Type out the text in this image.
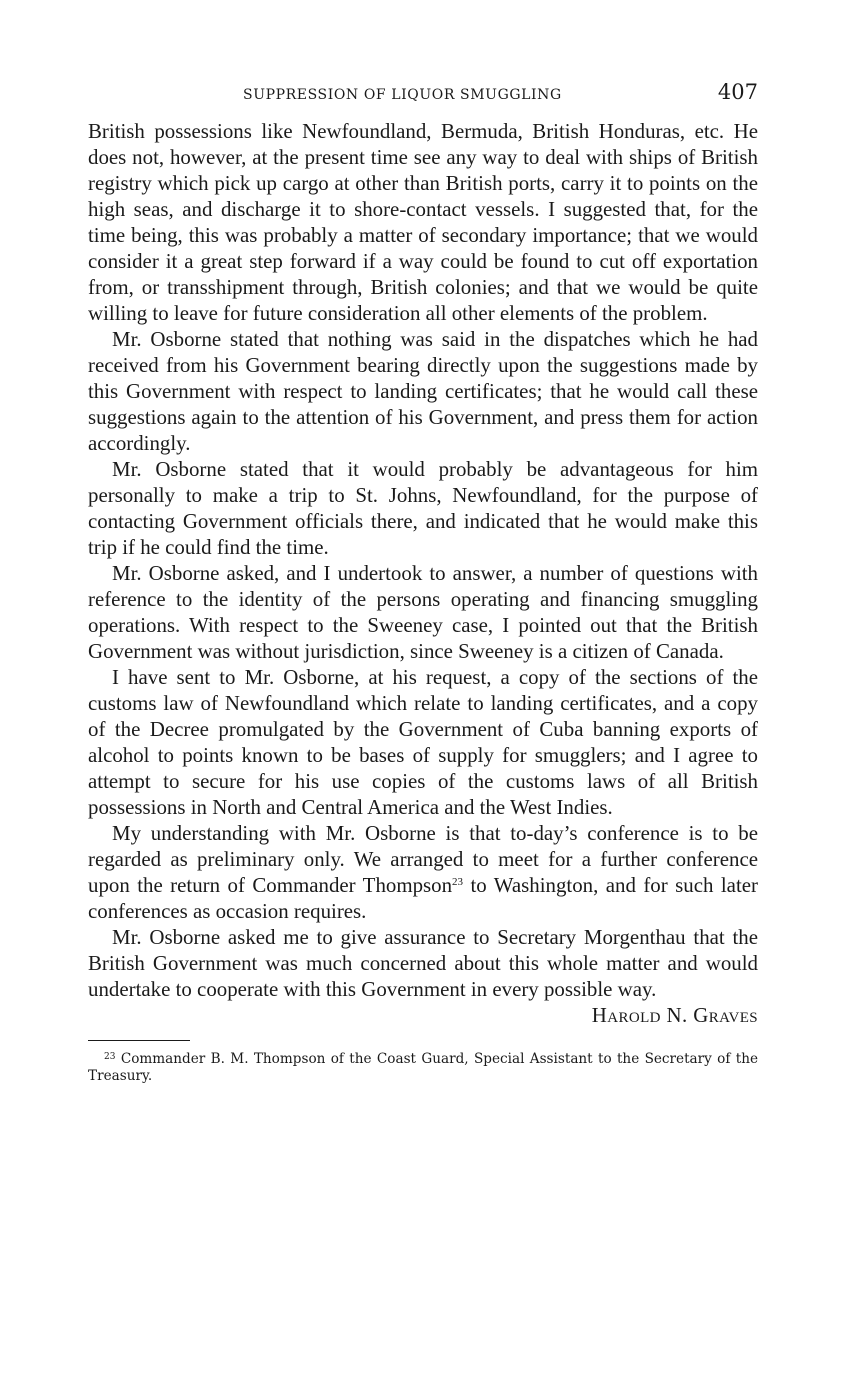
SUPPRESSION OF LIQUOR SMUGGLING	407

British possessions like Newfoundland, Bermuda, British Honduras, etc. He does not, however, at the present time see any way to deal with ships of British registry which pick up cargo at other than British ports, carry it to points on the high seas, and discharge it to shore-contact vessels. I suggested that, for the time being, this was probably a matter of secondary importance; that we would consider it a great step forward if a way could be found to cut off exportation from, or transshipment through, British colonies; and that we would be quite willing to leave for future consideration all other elements of the problem.

Mr. Osborne stated that nothing was said in the dispatches which he had received from his Government bearing directly upon the suggestions made by this Government with respect to landing certificates; that he would call these suggestions again to the attention of his Government, and press them for action accordingly.

Mr. Osborne stated that it would probably be advantageous for him personally to make a trip to St. Johns, Newfoundland, for the purpose of contacting Government officials there, and indicated that he would make this trip if he could find the time.

Mr. Osborne asked, and I undertook to answer, a number of questions with reference to the identity of the persons operating and financing smuggling operations. With respect to the Sweeney case, I pointed out that the British Government was without jurisdiction, since Sweeney is a citizen of Canada.

I have sent to Mr. Osborne, at his request, a copy of the sections of the customs law of Newfoundland which relate to landing certificates, and a copy of the Decree promulgated by the Government of Cuba banning exports of alcohol to points known to be bases of supply for smugglers; and I agree to attempt to secure for his use copies of the customs laws of all British possessions in North and Central America and the West Indies.

My understanding with Mr. Osborne is that to-day’s conference is to be regarded as preliminary only. We arranged to meet for a further conference upon the return of Commander Thompson$^{23}$ to Washington, and for such later conferences as occasion requires.

Mr. Osborne asked me to give assurance to Secretary Morgenthau that the British Government was much concerned about this whole matter and would undertake to cooperate with this Government in every possible way.

Harold N. Graves
$^{23}$ Commander B. M. Thompson of the Coast Guard, Special Assistant to the Secretary of the Treasury.
